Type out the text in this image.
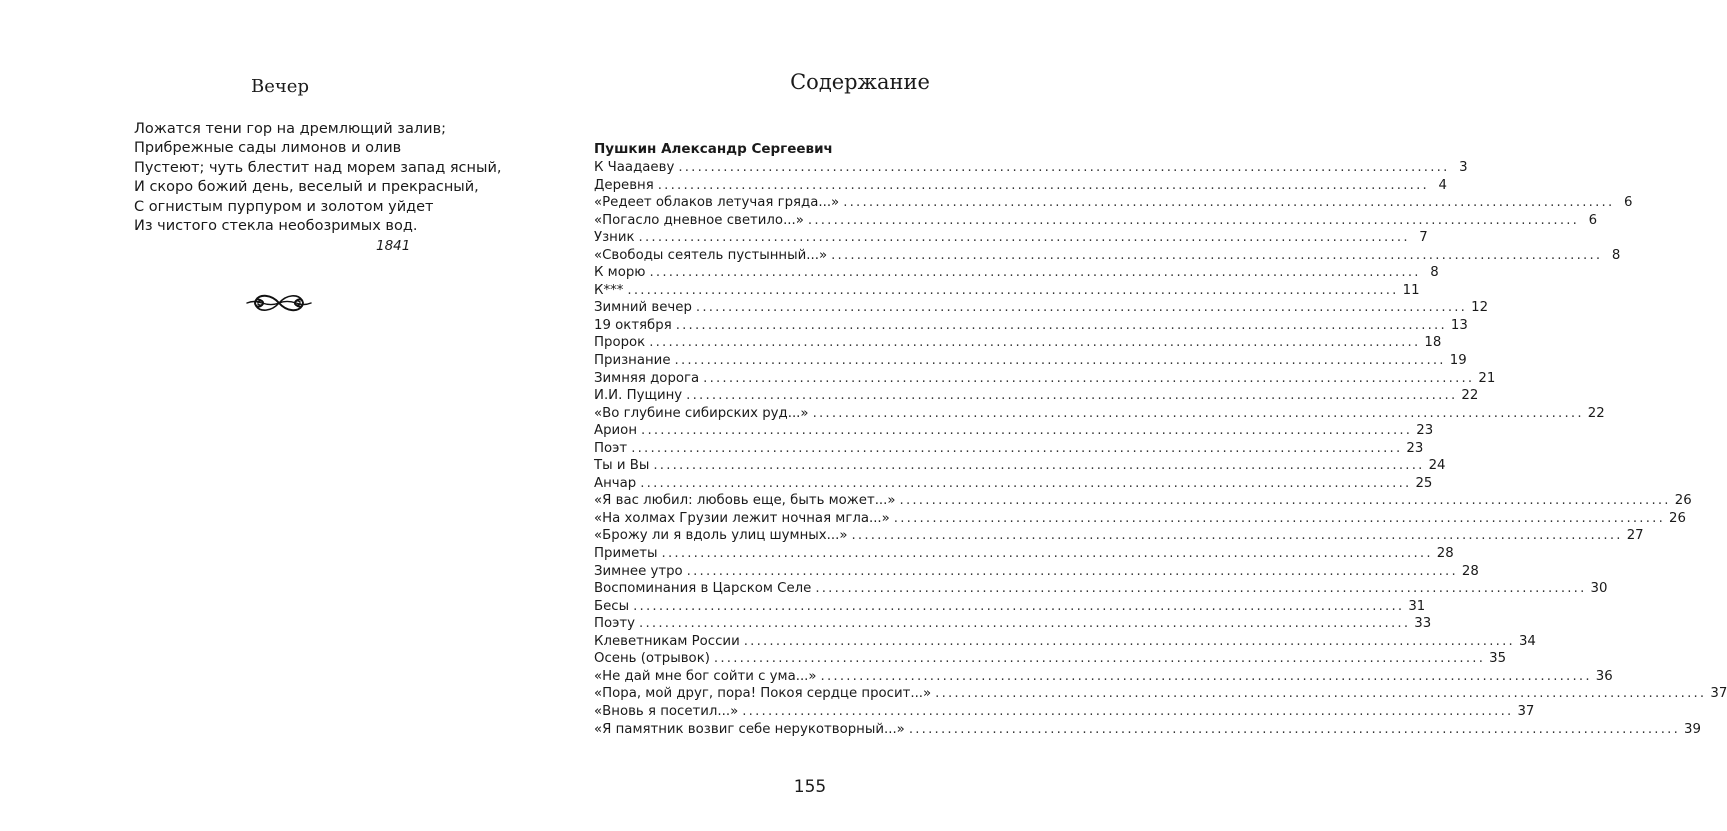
Вечер
Ложатся тени гор на дремлющий залив;
Прибрежные сады лимонов и олив
Пустеют; чуть блестит над морем запад ясный,
И скоро божий день, веселый и прекрасный,
С огнистым пурпуром и золотом уйдет
Из чистого стекла необозримых вод.
1841
Содержание
Пушкин Александр Сергеевич
К Чаадаеву ........................................................................................................................ 3
Деревня ........................................................................................................................ 4
«Редеет облаков летучая гряда...» ........................................................................................................................ 6
«Погасло дневное светило...» ........................................................................................................................ 6
Узник ........................................................................................................................ 7
«Свободы сеятель пустынный...» ........................................................................................................................ 8
К морю ........................................................................................................................ 8
К*** ........................................................................................................................ 11
Зимний вечер ........................................................................................................................ 12
19 октября ........................................................................................................................ 13
Пророк ........................................................................................................................ 18
Признание ........................................................................................................................ 19
Зимняя дорога ........................................................................................................................ 21
И.И. Пущину ........................................................................................................................ 22
«Во глубине сибирских руд...» ........................................................................................................................ 22
Арион ........................................................................................................................ 23
Поэт ........................................................................................................................ 23
Ты и Вы ........................................................................................................................ 24
Анчар ........................................................................................................................ 25
«Я вас любил: любовь еще, быть может...» ........................................................................................................................ 26
«На холмах Грузии лежит ночная мгла...» ........................................................................................................................ 26
«Брожу ли я вдоль улиц шумных...» ........................................................................................................................ 27
Приметы ........................................................................................................................ 28
Зимнее утро ........................................................................................................................ 28
Воспоминания в Царском Селе ........................................................................................................................ 30
Бесы ........................................................................................................................ 31
Поэту ........................................................................................................................ 33
Клеветникам России ........................................................................................................................ 34
Осень (отрывок) ........................................................................................................................ 35
«Не дай мне бог сойти с ума...» ........................................................................................................................ 36
«Пора, мой друг, пора! Покоя сердце просит...» ........................................................................................................................ 37
«Вновь я посетил...» ........................................................................................................................ 37
«Я памятник возвиг себе нерукотворный...» ........................................................................................................................ 39
155
